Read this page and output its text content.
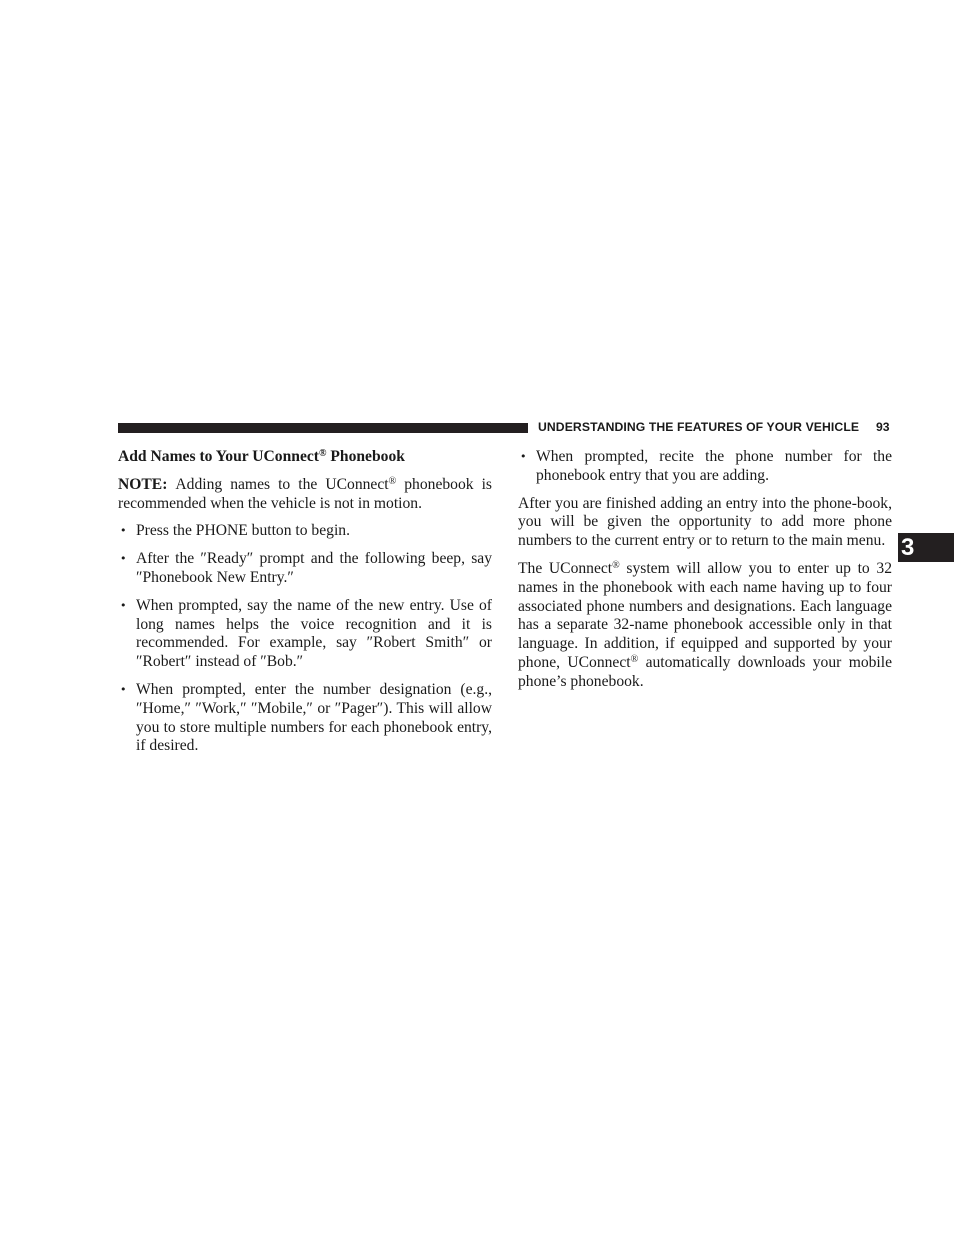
UNDERSTANDING THE FEATURES OF YOUR VEHICLE	93
3

Add Names to Your UConnect® Phonebook

NOTE: Adding names to the UConnect® phonebook is recommended when the vehicle is not in motion.

• Press the PHONE button to begin.
• After the ″Ready″ prompt and the following beep, say ″Phonebook New Entry.″
• When prompted, say the name of the new entry. Use of long names helps the voice recognition and it is recommended. For example, say ″Robert Smith″ or ″Robert″ instead of ″Bob.″
• When prompted, enter the number designation (e.g., ″Home,″ ″Work,″ ″Mobile,″ or ″Pager″). This will allow you to store multiple numbers for each phonebook entry, if desired.
• When prompted, recite the phone number for the phonebook entry that you are adding.

After you are finished adding an entry into the phone-book, you will be given the opportunity to add more phone numbers to the current entry or to return to the main menu.

The UConnect® system will allow you to enter up to 32 names in the phonebook with each name having up to four associated phone numbers and designations. Each language has a separate 32-name phonebook accessible only in that language. In addition, if equipped and supported by your phone, UConnect® automatically downloads your mobile phone’s phonebook.
